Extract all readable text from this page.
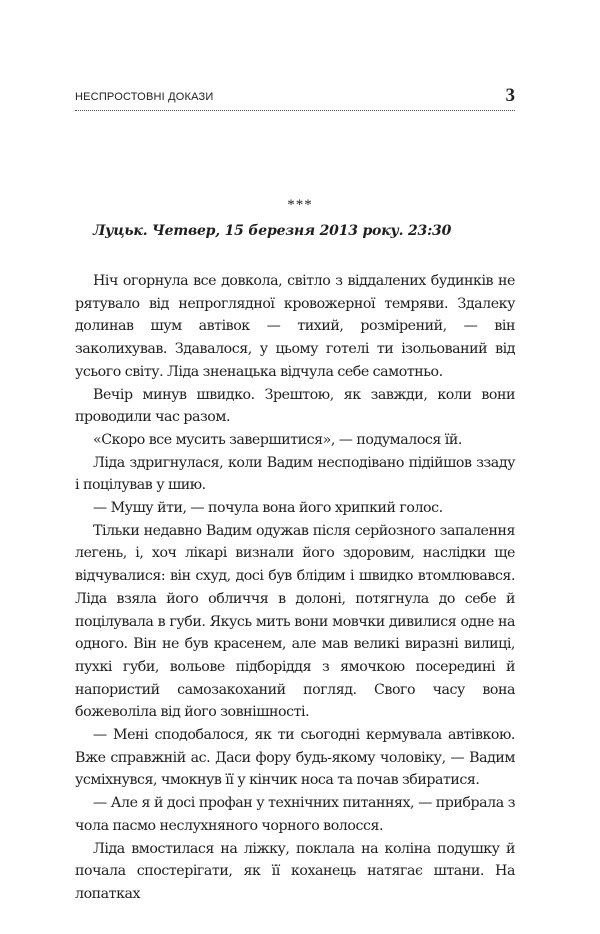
НЕСПРОСТОВНІ ДОКАЗИ	3
***
Луцьк. Четвер, 15 березня 2013 року. 23:30

Ніч огорнула все довкола, світло з віддалених будинків не рятувало від непроглядної кровожерної темряви. Здалеку долинав шум автівок — тихий, розмірений, — він заколихував. Здавалося, у цьому готелі ти ізольований від усього світу. Ліда зненацька відчула себе самотньо.

Вечір минув швидко. Зрештою, як завжди, коли вони проводили час разом.

«Скоро все мусить завершитися», — подумалося їй.

Ліда здригнулася, коли Вадим несподівано підійшов ззаду і поцілував у шию.

— Мушу йти, — почула вона його хрипкий голос.

Тільки недавно Вадим одужав після серйозного запалення легень, і, хоч лікарі визнали його здоровим, наслідки ще відчувалися: він схуд, досі був блідим і швидко втомлювався. Ліда взяла його обличчя в долоні, потягнула до себе й поцілувала в губи. Якусь мить вони мовчки дивилися одне на одного. Він не був красенем, але мав великі виразні вилиці, пухкі губи, вольове підборіддя з ямочкою посередині й напористий самозакоханий погляд. Свого часу вона божеволіла від його зовнішності.

— Мені сподобалося, як ти сьогодні кермувала автівкою. Вже справжній ас. Даси фору будь-якому чоловіку, — Вадим усміхнувся, чмокнув її у кінчик носа та почав збиратися.

— Але я й досі профан у технічних питаннях, — прибрала з чола пасмо неслухняного чорного волосся.

Ліда вмостилася на ліжку, поклала на коліна подушку й почала спостерігати, як її коханець натягає штани. На лопатках
